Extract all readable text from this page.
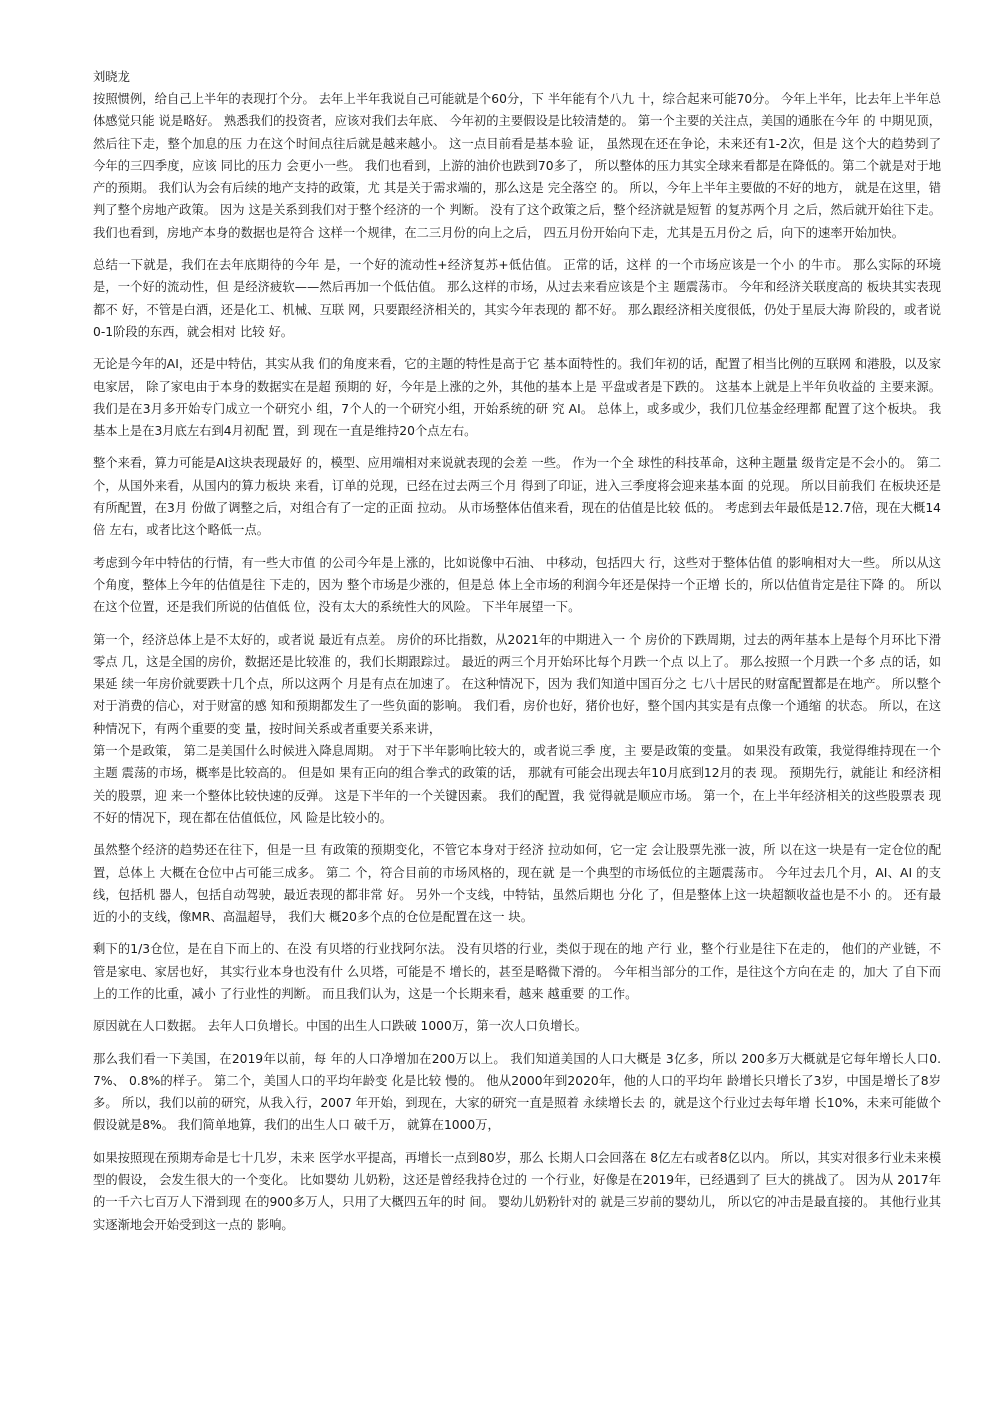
刘晓龙

按照惯例，给自己上半年的表现打个分。 去年上半年我说自己可能就是个60分，下 半年能有个八九 十，综合起来可能70分。 今年上半年，比去年上半年总体感觉只能 说是略好。 熟悉我们的投资者，应该对我们去年底、 今年初的主要假设是比较清楚的。 第一个主要的关注点，美国的通胀在今年 的 中期见顶，然后往下走，整个加息的压 力在这个时间点往后就是越来越小。 这一点目前看是基本验 证， 虽然现在还在争论，未来还有1-2次，但是 这个大的趋势到了今年的三四季度，应该 同比的压力 会更小一些。 我们也看到，上游的油价也跌到70多了， 所以整体的压力其实全球来看都是在降低的。第二个就是对于地产的预期。 我们认为会有后续的地产支持的政策，尤 其是关于需求端的，那么这是 完全落空 的。 所以，今年上半年主要做的不好的地方， 就是在这里，错判了整个房地产政策。 因为 这是关系到我们对于整个经济的一个 判断。 没有了这个政策之后，整个经济就是短暂 的复苏两个月 之后，然后就开始往下走。 我们也看到，房地产本身的数据也是符合 这样一个规律，在二三月份的向上之后， 四五月份开始向下走，尤其是五月份之 后，向下的速率开始加快。

总结一下就是，我们在去年底期待的今年 是，一个好的流动性+经济复苏+低估值。 正常的话，这样 的一个市场应该是一个小 的牛市。 那么实际的环境是，一个好的流动性，但 是经济疲软——然后再加一个低估值。 那么这样的市场，从过去来看应该是个主 题震荡市。 今年和经济关联度高的 板块其实表现都不 好，不管是白酒，还是化工、机械、互联 网，只要跟经济相关的，其实今年表现的 都不好。 那么跟经济相关度很低，仍处于星辰大海 阶段的，或者说0-1阶段的东西，就会相对 比较 好。

无论是今年的AI，还是中特估，其实从我 们的角度来看，它的主题的特性是高于它 基本面特性的。我们年初的话，配置了相当比例的互联网 和港股，以及家电家居， 除了家电由于本身的数据实在是超 预期的 好，今年是上涨的之外，其他的基本上是 平盘或者是下跌的。 这基本上就是上半年负收益的 主要来源。 我们是在3月多开始专门成立一个研究小 组，7个人的一个研究小组，开始系统的研 究 AI。 总体上，或多或少，我们几位基金经理都 配置了这个板块。 我基本上是在3月底左右到4月初配 置，到 现在一直是维持20个点左右。

整个来看，算力可能是AI这块表现最好 的，模型、应用端相对来说就表现的会差 一些。 作为一个全 球性的科技革命，这种主题量 级肯定是不会小的。 第二个，从国外来看，从国内的算力板块 来看，订单的兑现，已经在过去两三个月 得到了印证，进入三季度将会迎来基本面 的兑现。 所以目前我们 在板块还是有所配置，在3月 份做了调整之后，对组合有了一定的正面 拉动。 从市场整体估值来看，现在的估值是比较 低的。 考虑到去年最低是12.7倍，现在大概14倍 左右，或者比这个略低一点。

考虑到今年中特估的行情，有一些大市值 的公司今年是上涨的，比如说像中石油、 中移动，包括四大 行，这些对于整体估值 的影响相对大一些。 所以从这个角度，整体上今年的估值是往 下走的，因为 整个市场是少涨的，但是总 体上全市场的利润今年还是保持一个正增 长的，所以估值肯定是往下降 的。 所以在这个位置，还是我们所说的估值低 位，没有太大的系统性大的风险。 下半年展望一下。

第一个，经济总体上是不太好的，或者说 最近有点差。 房价的环比指数，从2021年的中期进入一 个 房价的下跌周期，过去的两年基本上是每个月环比下滑零点 几，这是全国的房价，数据还是比较准 的，我们长期跟踪过。 最近的两三个月开始环比每个月跌一个点 以上了。 那么按照一个月跌一个多 点的话，如果延 续一年房价就要跌十几个点，所以这两个 月是有点在加速了。 在这种情况下，因为 我们知道中国百分之 七八十居民的财富配置都是在地产。 所以整个对于消费的信心，对于财富的感 知和预期都发生了一些负面的影响。 我们看，房价也好，猪价也好，整个国内其实是有点像一个通缩 的状态。 所以，在这种情况下，有两个重要的变 量，按时间关系或者重要关系来讲，

第一个是政策， 第二是美国什么时候进入降息周期。 对于下半年影响比较大的，或者说三季 度，主 要是政策的变量。 如果没有政策，我觉得维持现在一个主题 震荡的市场，概率是比较高的。 但是如 果有正向的组合拳式的政策的话， 那就有可能会出现去年10月底到12月的表 现。 预期先行，就能让 和经济相关的股票，迎 来一个整体比较快速的反弹。 这是下半年的一个关键因素。 我们的配置，我 觉得就是顺应市场。 第一个，在上半年经济相关的这些股票表 现不好的情况下，现在都在估值低位，风 险是比较小的。

虽然整个经济的趋势还在往下，但是一旦 有政策的预期变化，不管它本身对于经济 拉动如何，它一定 会让股票先涨一波，所 以在这一块是有一定仓位的配置，总体上 大概在仓位中占可能三成多。 第二 个，符合目前的市场风格的，现在就 是一个典型的市场低位的主题震荡市。 今年过去几个月，AI、AI 的支线，包括机 器人，包括自动驾驶，最近表现的都非常 好。 另外一个支线，中特钴，虽然后期也 分化 了，但是整体上这一块超额收益也是不小 的。 还有最近的小的支线，像MR、高温超导， 我们大 概20多个点的仓位是配置在这一 块。

剩下的1/3仓位，是在自下而上的、在没 有贝塔的行业找阿尔法。 没有贝塔的行业，类似于现在的地 产行 业，整个行业是往下在走的， 他们的产业链，不管是家电、家居也好， 其实行业本身也没有什 么贝塔，可能是不 增长的，甚至是略微下滑的。 今年相当部分的工作，是往这个方向在走 的，加大 了自下而上的工作的比重，减小 了行业性的判断。 而且我们认为，这是一个长期来看，越来 越重要 的工作。

原因就在人口数据。 去年人口负增长。中国的出生人口跌破 1000万，第一次人口负增长。

那么我们看一下美国，在2019年以前，每 年的人口净增加在200万以上。 我们知道美国的人口大概是 3亿多，所以 200多万大概就是它每年增长人口0.7%、 0.8%的样子。 第二个，美国人口的平均年龄变 化是比较 慢的。 他从2000年到2020年，他的人口的平均年 龄增长只增长了3岁，中国是增长了8岁 多。 所以，我们以前的研究，从我入行，2007 年开始，到现在，大家的研究一直是照着 永续增长去 的，就是这个行业过去每年增 长10%，未来可能做个假设就是8%。 我们简单地算，我们的出生人口 破千万， 就算在1000万，

如果按照现在预期寿命是七十几岁，未来 医学水平提高，再增长一点到80岁，那么 长期人口会回落在 8亿左右或者8亿以内。 所以，其实对很多行业未来模型的假设， 会发生很大的一个变化。 比如婴幼 儿奶粉，这还是曾经我持仓过的 一个行业，好像是在2019年，已经遇到了 巨大的挑战了。 因为从 2017年的一千六七百万人下滑到现 在的900多万人，只用了大概四五年的时 间。 婴幼儿奶粉针对的 就是三岁前的婴幼儿， 所以它的冲击是最直接的。 其他行业其实逐渐地会开始受到这一点的 影响。
